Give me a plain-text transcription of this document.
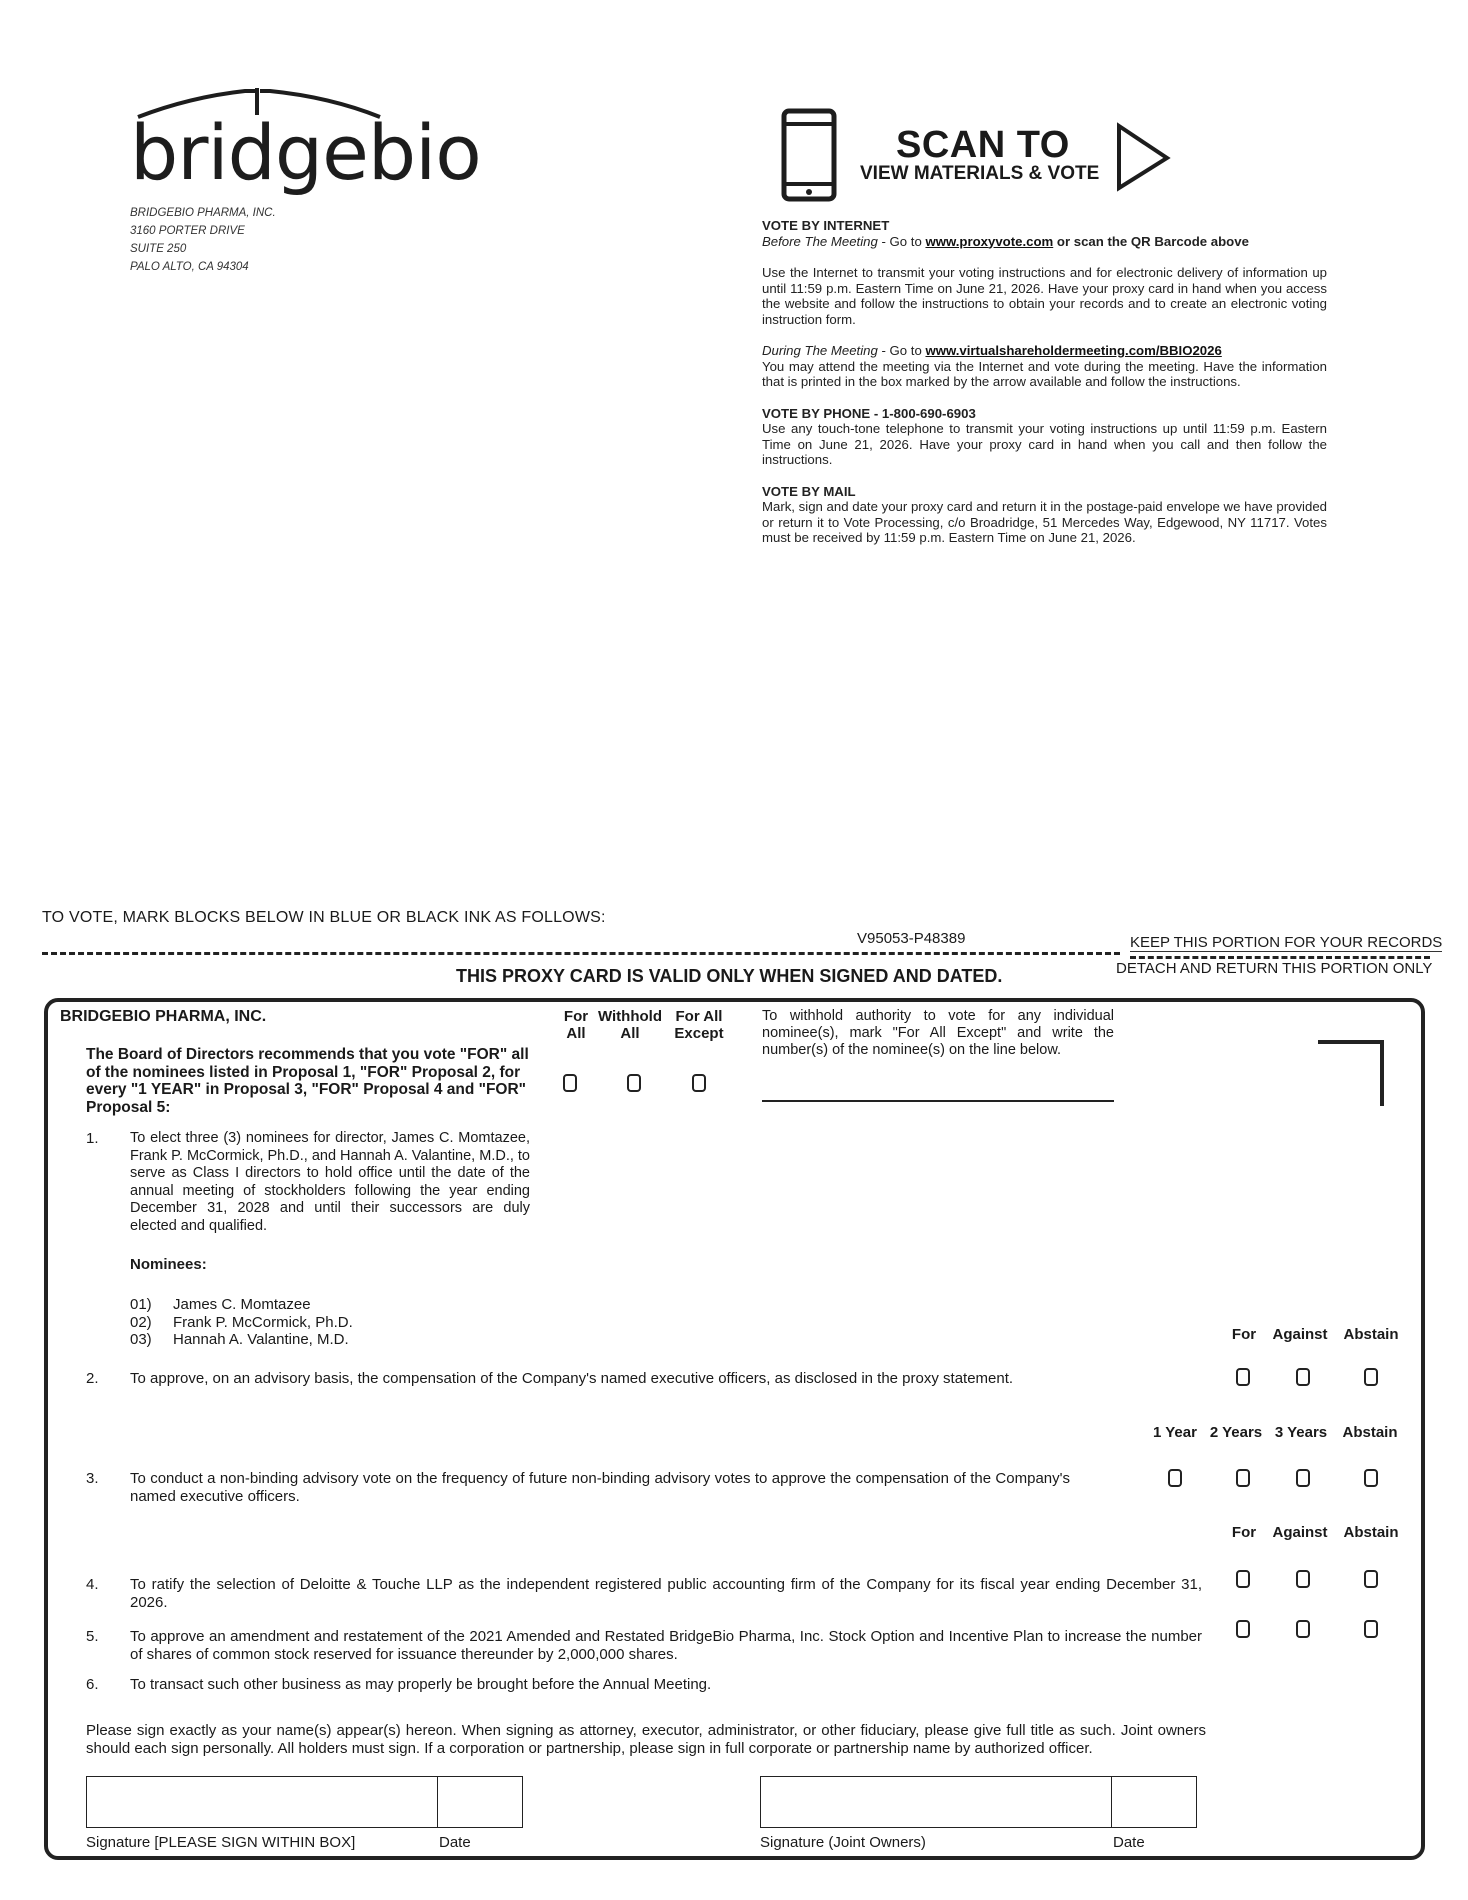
bridgebio
BRIDGEBIO PHARMA, INC.
3160 PORTER DRIVE
SUITE 250
PALO ALTO, CA 94304
SCAN TO
VIEW MATERIALS & VOTE

VOTE BY INTERNET
Before The Meeting - Go to www.proxyvote.com or scan the QR Barcode above

Use the Internet to transmit your voting instructions and for electronic delivery of information up until 11:59 p.m. Eastern Time on June 21, 2026. Have your proxy card in hand when you access the website and follow the instructions to obtain your records and to create an electronic voting instruction form.

During The Meeting - Go to www.virtualshareholdermeeting.com/BBIO2026
You may attend the meeting via the Internet and vote during the meeting. Have the information that is printed in the box marked by the arrow available and follow the instructions.

VOTE BY PHONE - 1-800-690-6903
Use any touch-tone telephone to transmit your voting instructions up until 11:59 p.m. Eastern Time on June 21, 2026. Have your proxy card in hand when you call and then follow the instructions.

VOTE BY MAIL
Mark, sign and date your proxy card and return it in the postage-paid envelope we have provided or return it to Vote Processing, c/o Broadridge, 51 Mercedes Way, Edgewood, NY 11717. Votes must be received by 11:59 p.m. Eastern Time on June 21, 2026.

TO VOTE, MARK BLOCKS BELOW IN BLUE OR BLACK INK AS FOLLOWS:
V95053-P48389	KEEP THIS PORTION FOR YOUR RECORDS
DETACH AND RETURN THIS PORTION ONLY
THIS PROXY CARD IS VALID ONLY WHEN SIGNED AND DATED.
BRIDGEBIO PHARMA, INC.
The Board of Directors recommends that you vote "FOR" all of the nominees listed in Proposal 1, "FOR" Proposal 2, for every "1 YEAR" in Proposal 3, "FOR" Proposal 4 and "FOR" Proposal 5:
For
All
Withhold
All
For All
Except
To withhold authority to vote for any individual nominee(s), mark "For All Except" and write the number(s) of the nominee(s) on the line below.
1. To elect three (3) nominees for director, James C. Momtazee, Frank P. McCormick, Ph.D., and Hannah A. Valantine, M.D., to serve as Class I directors to hold office until the date of the annual meeting of stockholders following the year ending December 31, 2028 and until their successors are duly elected and qualified.
Nominees:
01) James C. Momtazee
02) Frank P. McCormick, Ph.D.
03) Hannah A. Valantine, M.D.	For	Against	Abstain
2. To approve, on an advisory basis, the compensation of the Company's named executive officers, as disclosed in the proxy statement.
1 Year 2 Years 3 Years	Abstain
3. To conduct a non-binding advisory vote on the frequency of future non-binding advisory votes to approve the compensation of the Company's named executive officers.
For	Against	Abstain
4. To ratify the selection of Deloitte & Touche LLP as the independent registered public accounting firm of the Company for its fiscal year ending December 31, 2026.
5. To approve an amendment and restatement of the 2021 Amended and Restated BridgeBio Pharma, Inc. Stock Option and Incentive Plan to increase the number of shares of common stock reserved for issuance thereunder by 2,000,000 shares.
6. To transact such other business as may properly be brought before the Annual Meeting.
Please sign exactly as your name(s) appear(s) hereon. When signing as attorney, executor, administrator, or other fiduciary, please give full title as such. Joint owners should each sign personally. All holders must sign. If a corporation or partnership, please sign in full corporate or partnership name by authorized officer.
Signature [PLEASE SIGN WITHIN BOX]	Date	Signature (Joint Owners)	Date
